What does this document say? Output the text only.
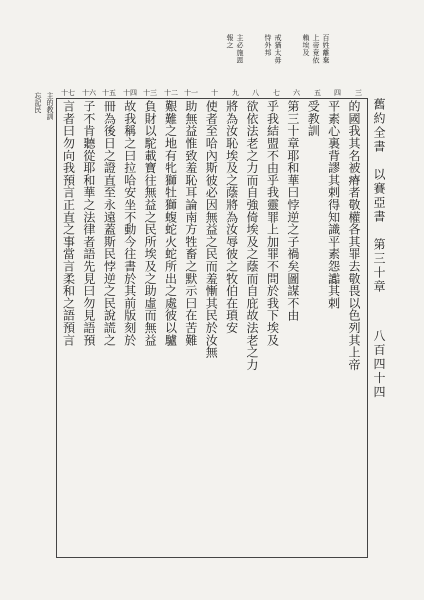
百姓離棄
上帝竟依
賴埃及
戒猶太毋
恃外邦
主必施恩
報之
主的教訓
忘記民	三
四
五
六
七
八
九
十
十一
十二
十三
十四
十五
十六
十七
舊約全書　以賽亞書　第三十章  八百四十四
的國我其名被瘠者敬權各其罪去敬畏以色列其上帝
平素心裏背謬其剌得知識平素怨讟其剌
受教訓
第三十章耶和華曰悖逆之子禍矣圖謀不由
乎我結盟不由乎我靈罪上加罪不問於我下埃及
欲依法老之力而自強倚埃及之蔭而自庇故法老之力
將為汝恥埃及之蔭將為汝辱彼之牧伯在瑣安
使者至哈內斯彼必因無益之民而羞慚其民於汝無
助無益惟致羞恥耳論南方牲畜之默示曰在苦難
艱難之地有牝獅牡獅蝮蛇火蛇所出之處彼以驢
負財以駝載寶往無益之民所埃及之助虛而無益
故我稱之曰拉哈安坐不動今往書於其前版刻於
冊為後日之證直至永遠蓋斯民悖逆之民說謊之
子不肯聽從耶和華之法律者語先見曰勿見語預
言者曰勿向我預言正直之事當言柔和之語預言
